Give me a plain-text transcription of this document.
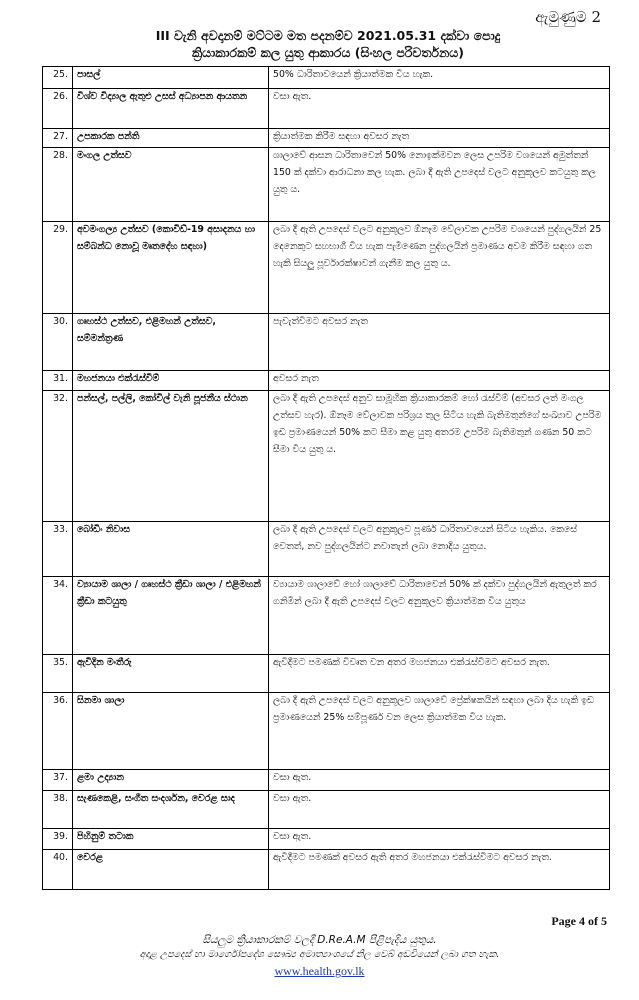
ඇමුණුම 2
III වැනි අවදානම් මට්ටම මත පදනම්ව 2021.05.31 දක්වා පොදු
ක්‍රියාකාරකම් කල යුතු ආකාරය (සිංහල පරිවර්තනය)
25.	පාසල්	50% ධාරිතාවයෙන් ක්‍රියාත්මක විය හැක.
26.	විශ්ව විද්‍යාල ඇතුළු උසස් අධ්‍යාපන ආයතන	වසා ඇත.
27.	උපකාරක පන්ති	ක්‍රියාත්මක කිරීම සඳහා අවසර නැත
28.	මංගල උත්සව	ශාලාවේ ආසන ධාරිතාවෙන් 50% නොඉක්මවන ලෙස උපරිම වශයෙන් අමුත්තන් 150 ක් දක්වා ආරාධනා කල හැක. ලබා දී ඇති උපදෙස් වලට අනුකූලව කටයුතු කල යුතු ය.
29.	අවමංගල්‍ය උත්සව (කොවිඩ්-19 අසාදනය හා සම්බන්ධ නොවූ මෘතදේහ සඳහා)	ලබා දී ඇති උපදෙස් වලට අනුකූලව ඕනෑම වේලාවක උපරිම වශයෙන් පුද්ගලයින් 25 දෙනෙකුට සහභාගී විය හැක පැමිණෙන පුද්ගලයින් ප්‍රමාණය අවම කිරීම සඳහා ගත හැකි සියලු පූර්වාරක්ෂාවන් ගැනීම කල යුතු ය.
30.	ගෘහස්ථ උත්සව, එළිමහන් උත්සව, සම්මන්ත්‍රණ	පැවැත්වීමට අවසර නැත
31.	මහජනයා එක්රැස්වීම්	අවසර නැත
32.	පන්සල්, පල්ලි, කෝවිල් වැනි පූජනීය ස්ථාන	ලබා දී ඇති උපදෙස් අනුව සාමූහික ක්‍රියාකාරකම් හෝ රැස්වීම් (අවසර ලත් මංගල උත්සව හැර). ඕනෑම වේලාවක පරිශ්‍රය තුල සිටිය හැකි බැතිමතුන්ගේ සංඛ්‍යාව උපරිම ඉඩ ප්‍රමාණයෙන් 50% කට සීමා කළ යුතු අතරම උපරිම බැතිමතුන් ගණන 50 කට සීමා විය යුතු ය.
33.	බෝඩිං නිවාස	ලබා දී ඇති උපදෙස් වලට අනුකූලව පූර්ණ ධාරිතාවයෙන් සිටිය හැකිය. කෙසේ වෙතත්, නව පුද්ගලයින්ට නවාතැන් ලබා නොදිය යුතුය.
34.	ව්‍යායාම ශාලා / ගෘහස්ථ ක්‍රීඩා ශාලා / එළිමහන් ක්‍රීඩා කටයුතු	ව්‍යායාම ශාලාවේ හෝ ශාලාවේ ධාරිතාවෙන් 50% ක් දක්වා පුද්ගලයින් ඇතුලත් කර ගනිමින් ලබා දී ඇති උපදෙස් වලට අනුකූලව ක්‍රියාත්මක විය යුතුය
35.	ඇවිදින මංතීරු	ඇවිදීමට පමණක් විවෘත වන අතර මහජනයා එක්රැස්වීමට අවසර නැත.
36.	සිනමා ශාලා	ලබා දී ඇති උපදෙස් වලට අනුකූලව ශාලාවේ ප්‍රේක්ෂකයින් සඳහා ලබා දිය හැකි ඉඩ ප්‍රමාණයෙන් 25% සම්පූර්ණ වන ලෙස ක්‍රියාත්මක විය හැක.
37.	ළමා උද්‍යාන	වසා ඇත.
38.	සැණකෙළි, සංගීත සංදර්ශන, වෙරළ සාද	වසා ඇත.
39.	පිහිනුම් තටාක	වසා ඇත.
40.	වෙරළ	ඇවිදීමට පමණක් අවසර ඇති අතර මහජනයා එක්රැස්වීමට අවසර නැත.
Page 4 of 5
සියලුම ක්‍රියාකාරකම් වලදී D.Re.A.M පිළිපැදිය යුතුය.
අදාළ උපදෙස් හා මාර්ගෝපදේශ සෞඛ්‍ය අමාත්‍යාංශයේ නිල වෙබ් අඩවියෙන් ලබා ගත හැක.
www.health.gov.lk
